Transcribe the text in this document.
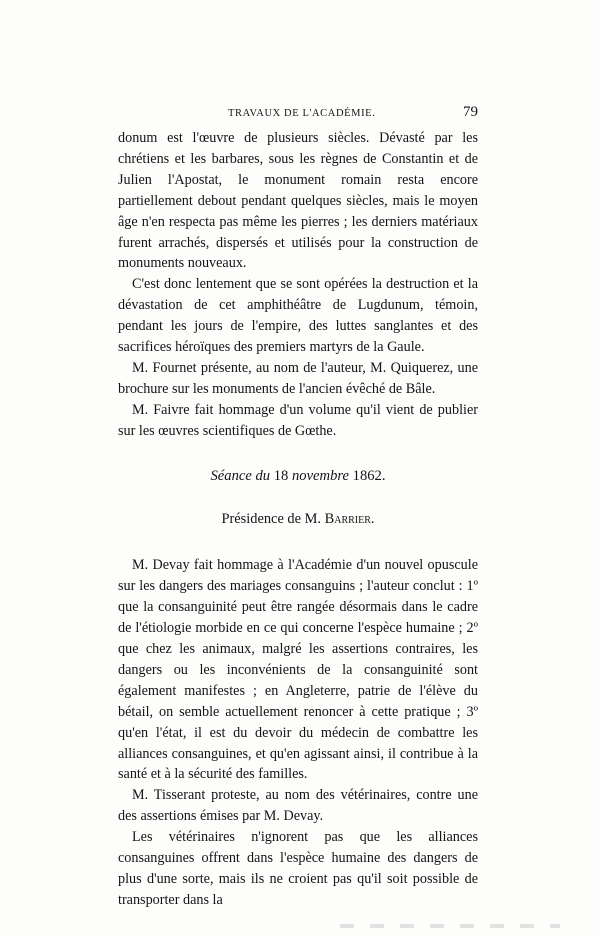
TRAVAUX DE L'ACADÉMIE.	79

donum est l'œuvre de plusieurs siècles. Dévasté par les chrétiens et les barbares, sous les règnes de Constantin et de Julien l'Apostat, le monument romain resta encore partiellement debout pendant quelques siècles, mais le moyen âge n'en respecta pas même les pierres ; les derniers matériaux furent arrachés, dispersés et utilisés pour la construction de monuments nouveaux.

C'est donc lentement que se sont opérées la destruction et la dévastation de cet amphithéâtre de Lugdunum, témoin, pendant les jours de l'empire, des luttes sanglantes et des sacrifices héroïques des premiers martyrs de la Gaule.

M. Fournet présente, au nom de l'auteur, M. Quiquerez, une brochure sur les monuments de l'ancien évêché de Bâle.

M. Faivre fait hommage d'un volume qu'il vient de publier sur les œuvres scientifiques de Gœthe.

Séance du 18 novembre 1862.

Présidence de M. Barrier.

M. Devay fait hommage à l'Académie d'un nouvel opuscule sur les dangers des mariages consanguins ; l'auteur conclut : 1º que la consanguinité peut être rangée désormais dans le cadre de l'étiologie morbide en ce qui concerne l'espèce humaine ; 2º que chez les animaux, malgré les assertions contraires, les dangers ou les inconvénients de la consanguinité sont également manifestes ; en Angleterre, patrie de l'élève du bétail, on semble actuellement renoncer à cette pratique ; 3º qu'en l'état, il est du devoir du médecin de combattre les alliances consanguines, et qu'en agissant ainsi, il contribue à la santé et à la sécurité des familles.

M. Tisserant proteste, au nom des vétérinaires, contre une des assertions émises par M. Devay.

Les vétérinaires n'ignorent pas que les alliances consanguines offrent dans l'espèce humaine des dangers de plus d'une sorte, mais ils ne croient pas qu'il soit possible de transporter dans la
